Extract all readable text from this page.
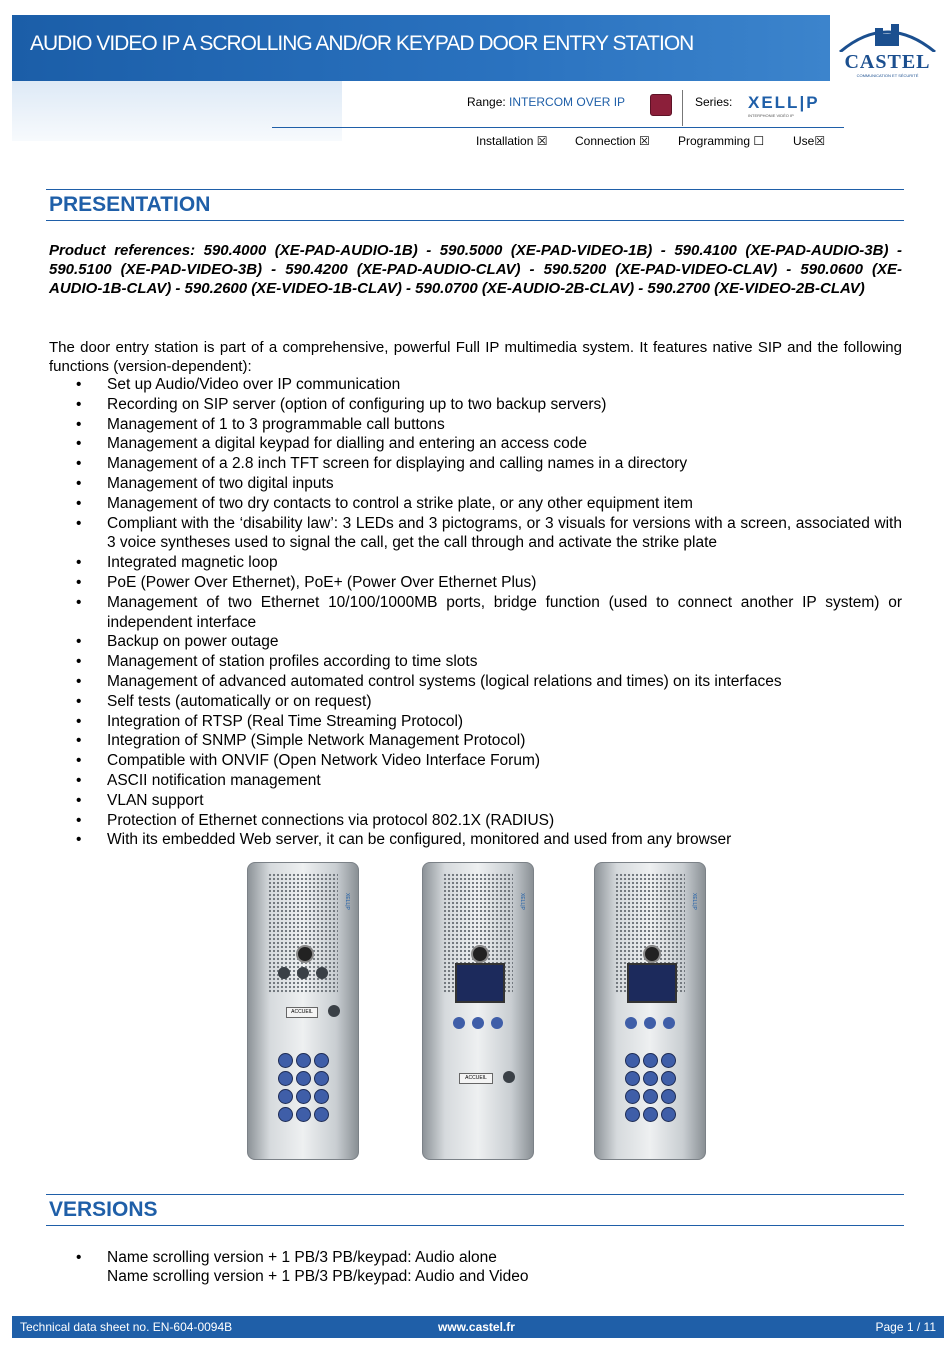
AUDIO VIDEO IP A SCROLLING AND/OR KEYPAD DOOR ENTRY STATION
CASTEL
COMMUNICATION ET SÉCURITÉ
Range: INTERCOM OVER IP	Series: XELL|P
INTERPHONIE VIDÉO IP
Installation ☒ Connection ☒ Programming ☐ Use☒
PRESENTATION
Product references: 590.4000 (XE-PAD-AUDIO-1B) - 590.5000 (XE-PAD-VIDEO-1B) - 590.4100 (XE-PAD-AUDIO-3B) - 590.5100 (XE-PAD-VIDEO-3B) - 590.4200 (XE-PAD-AUDIO-CLAV) - 590.5200 (XE-PAD-VIDEO-CLAV) - 590.0600 (XE-AUDIO-1B-CLAV) - 590.2600 (XE-VIDEO-1B-CLAV) - 590.0700 (XE-AUDIO-2B-CLAV) - 590.2700 (XE-VIDEO-2B-CLAV)
The door entry station is part of a comprehensive, powerful Full IP multimedia system. It features native SIP and the following functions (version-dependent):
• Set up Audio/Video over IP communication
• Recording on SIP server (option of configuring up to two backup servers)
• Management of 1 to 3 programmable call buttons
• Management a digital keypad for dialling and entering an access code
• Management of a 2.8 inch TFT screen for displaying and calling names in a directory
• Management of two digital inputs
• Management of two dry contacts to control a strike plate, or any other equipment item
• Compliant with the ‘disability law’: 3 LEDs and 3 pictograms, or 3 visuals for versions with a screen, associated with 3 voice syntheses used to signal the call, get the call through and activate the strike plate
• Integrated magnetic loop
• PoE (Power Over Ethernet), PoE+ (Power Over Ethernet Plus)
• Management of two Ethernet 10/100/1000MB ports, bridge function (used to connect another IP system) or independent interface
• Backup on power outage
• Management of station profiles according to time slots
• Management of advanced automated control systems (logical relations and times) on its interfaces
• Self tests (automatically or on request)
• Integration of RTSP (Real Time Streaming Protocol)
• Integration of SNMP (Simple Network Management Protocol)
• Compatible with ONVIF (Open Network Video Interface Forum)
• ASCII notification management
• VLAN support
• Protection of Ethernet connections via protocol 802.1X (RADIUS)
• With its embedded Web server, it can be configured, monitored and used from any browser
XELL|P
ACCUEIL
XELL|P
ACCUEIL
XELL|P
VERSIONS
• Name scrolling version + 1 PB/3 PB/keypad: Audio alone
Name scrolling version + 1 PB/3 PB/keypad: Audio and Video
Technical data sheet no. EN-604-0094B	www.castel.fr	Page 1 / 11
